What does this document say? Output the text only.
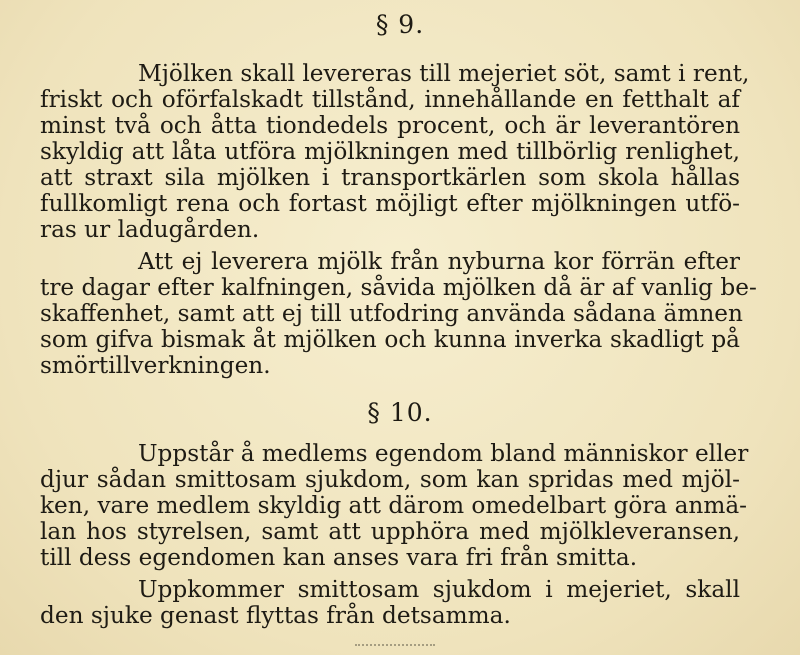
§ 9.
Mjölken skall levereras till mejeriet söt, samt i rent,
friskt och oförfalskadt tillstånd, innehållande en fetthalt af
minst två och åtta tiondedels procent, och är leverantören
skyldig att låta utföra mjölkningen med tillbörlig renlighet,
att straxt sila mjölken i transportkärlen som skola hållas
fullkomligt rena och fortast möjligt efter mjölkningen utfö-
ras ur ladugården.
Att ej leverera mjölk från nyburna kor förrän efter
tre dagar efter kalfningen, såvida mjölken då är af vanlig be-
skaffenhet, samt att ej till utfodring använda sådana ämnen
som gifva bismak åt mjölken och kunna inverka skadligt på
smörtillverkningen.
§ 10.
Uppstår å medlems egendom bland människor eller
djur sådan smittosam sjukdom, som kan spridas med mjöl-
ken, vare medlem skyldig att därom omedelbart göra anmä-
lan hos styrelsen, samt att upphöra med mjölkleveransen,
till dess egendomen kan anses vara fri från smitta.
Uppkommer smittosam sjukdom i mejeriet, skall
den sjuke genast flyttas från detsamma.
